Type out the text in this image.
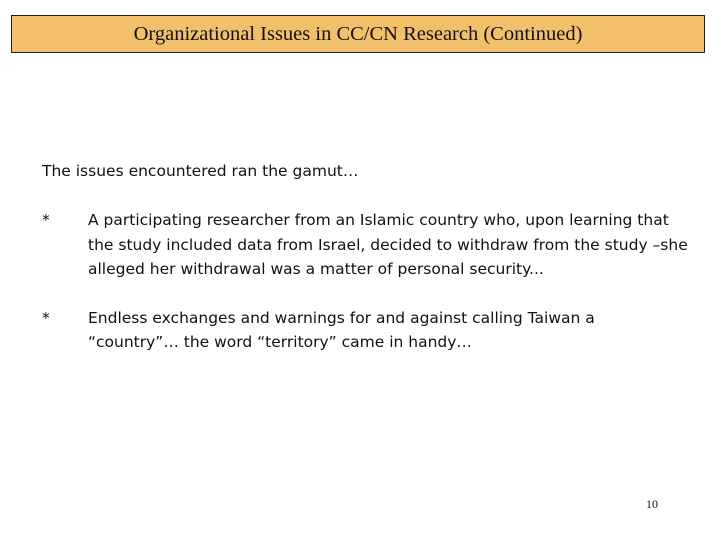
Organizational Issues in CC/CN Research (Continued)
The issues encountered ran the gamut…
* A participating researcher from an Islamic country who, upon learning that the study included data from Israel, decided to withdraw from the study –she alleged her withdrawal was a matter of personal security...
* Endless exchanges and warnings for and against calling Taiwan a “country”… the word “territory” came in handy…
10
